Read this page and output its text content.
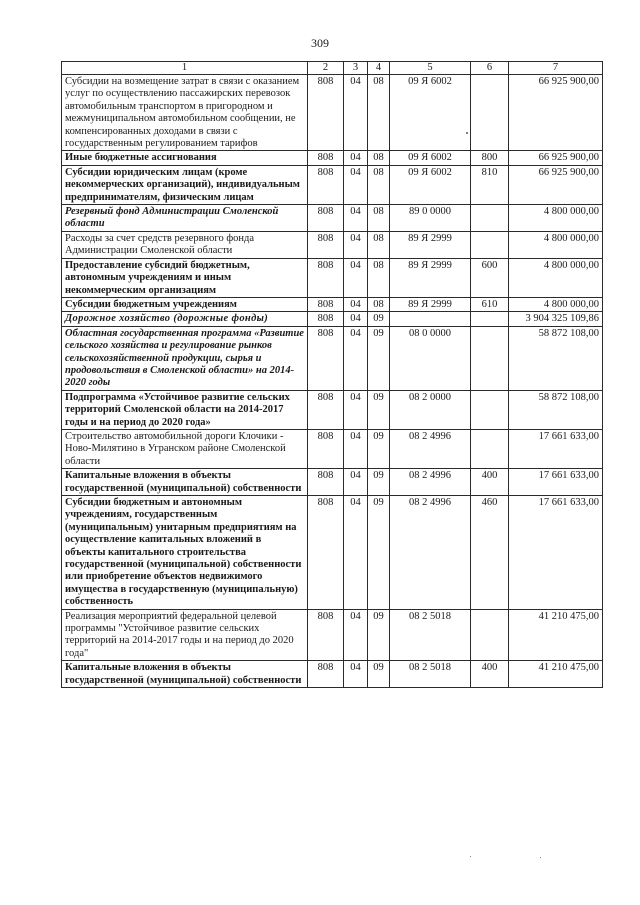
309
1	2	3	4	5	6	7
Субсидии на возмещение затрат в связи с оказанием услуг по осуществлению пассажирских перевозок автомобильным транспортом в пригородном и межмуниципальном автомобильном сообщении, не компенсированных доходами в связи с государственным регулированием тарифов	808	04	08	09 Я 6002		66 925 900,00
Иные бюджетные ассигнования	808	04	08	09 Я 6002	800	66 925 900,00
Субсидии юридическим лицам (кроме некоммерческих организаций), индивидуальным предпринимателям, физическим лицам	808	04	08	09 Я 6002	810	66 925 900,00
Резервный фонд Администрации Смоленской области	808	04	08	89 0 0000		4 800 000,00
Расходы за счет средств резервного фонда Администрации Смоленской области	808	04	08	89 Я 2999		4 800 000,00
Предоставление субсидий бюджетным, автономным учреждениям и иным некоммерческим организациям	808	04	08	89 Я 2999	600	4 800 000,00
Субсидии бюджетным учреждениям	808	04	08	89 Я 2999	610	4 800 000,00
Дорожное хозяйство (дорожные фонды)	808	04	09			3 904 325 109,86
Областная государственная программа «Развитие сельского хозяйства и регулирование рынков сельскохозяйственной продукции, сырья и продовольствия в Смоленской области» на 2014-2020 годы	808	04	09	08 0 0000		58 872 108,00
Подпрограмма «Устойчивое развитие сельских территорий Смоленской области на 2014-2017 годы и на период до 2020 года»	808	04	09	08 2 0000		58 872 108,00
Строительство автомобильной дороги Клочики - Ново-Милятино в Угранском районе Смоленской области	808	04	09	08 2 4996		17 661 633,00
Капитальные вложения в объекты государственной (муниципальной) собственности	808	04	09	08 2 4996	400	17 661 633,00
Субсидии бюджетным и автономным учреждениям, государственным (муниципальным) унитарным предприятиям на осуществление капитальных вложений в объекты капитального строительства государственной (муниципальной) собственности или приобретение объектов недвижимого имущества в государственную (муниципальную) собственность	808	04	09	08 2 4996	460	17 661 633,00
Реализация мероприятий федеральной целевой программы "Устойчивое развитие сельских территорий на 2014-2017 годы и на период до 2020 года"	808	04	09	08 2 5018		41 210 475,00
Капитальные вложения в объекты государственной (муниципальной) собственности	808	04	09	08 2 5018	400	41 210 475,00
